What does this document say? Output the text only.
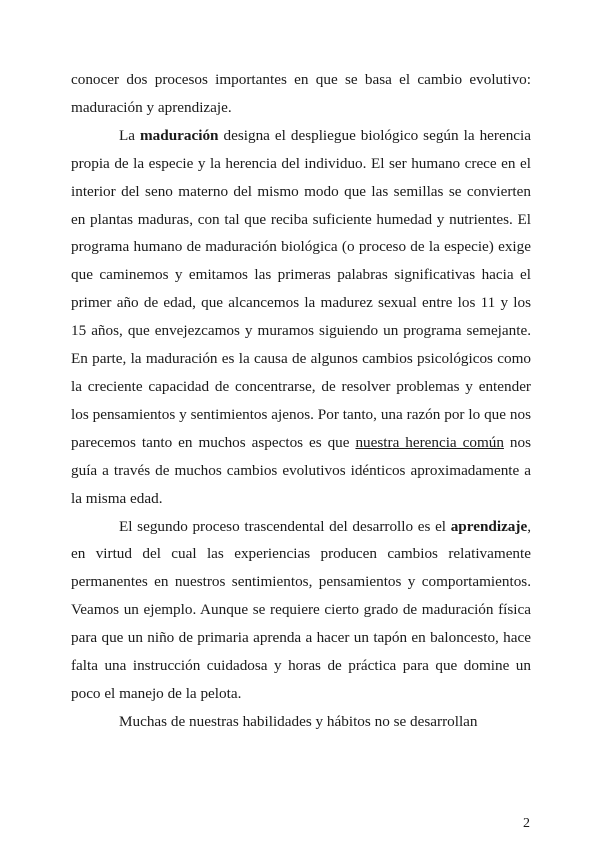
conocer dos procesos importantes en que se basa el cambio evolutivo: maduración y aprendizaje.

La maduración designa el despliegue biológico según la herencia propia de la especie y la herencia del individuo. El ser humano crece en el interior del seno materno del mismo modo que las semillas se convierten en plantas maduras, con tal que reciba suficiente humedad y nutrientes. El programa humano de maduración biológica (o proceso de la especie) exige que caminemos y emitamos las primeras palabras significativas hacia el primer año de edad, que alcancemos la madurez sexual entre los 11 y los 15 años, que envejezcamos y muramos siguiendo un programa semejante. En parte, la maduración es la causa de algunos cambios psicológicos como la creciente capacidad de concentrarse, de resolver problemas y entender los pensamientos y sentimientos ajenos. Por tanto, una razón por lo que nos parecemos tanto en muchos aspectos es que nuestra herencia común nos guía a través de muchos cambios evolutivos idénticos aproximadamente a la misma edad.

El segundo proceso trascendental del desarrollo es el aprendizaje, en virtud del cual las experiencias producen cambios relativamente permanentes en nuestros sentimientos, pensamientos y comportamientos. Veamos un ejemplo. Aunque se requiere cierto grado de maduración física para que un niño de primaria aprenda a hacer un tapón en baloncesto, hace falta una instrucción cuidadosa y horas de práctica para que domine un poco el manejo de la pelota.

Muchas de nuestras habilidades y hábitos no se desarrollan

2
